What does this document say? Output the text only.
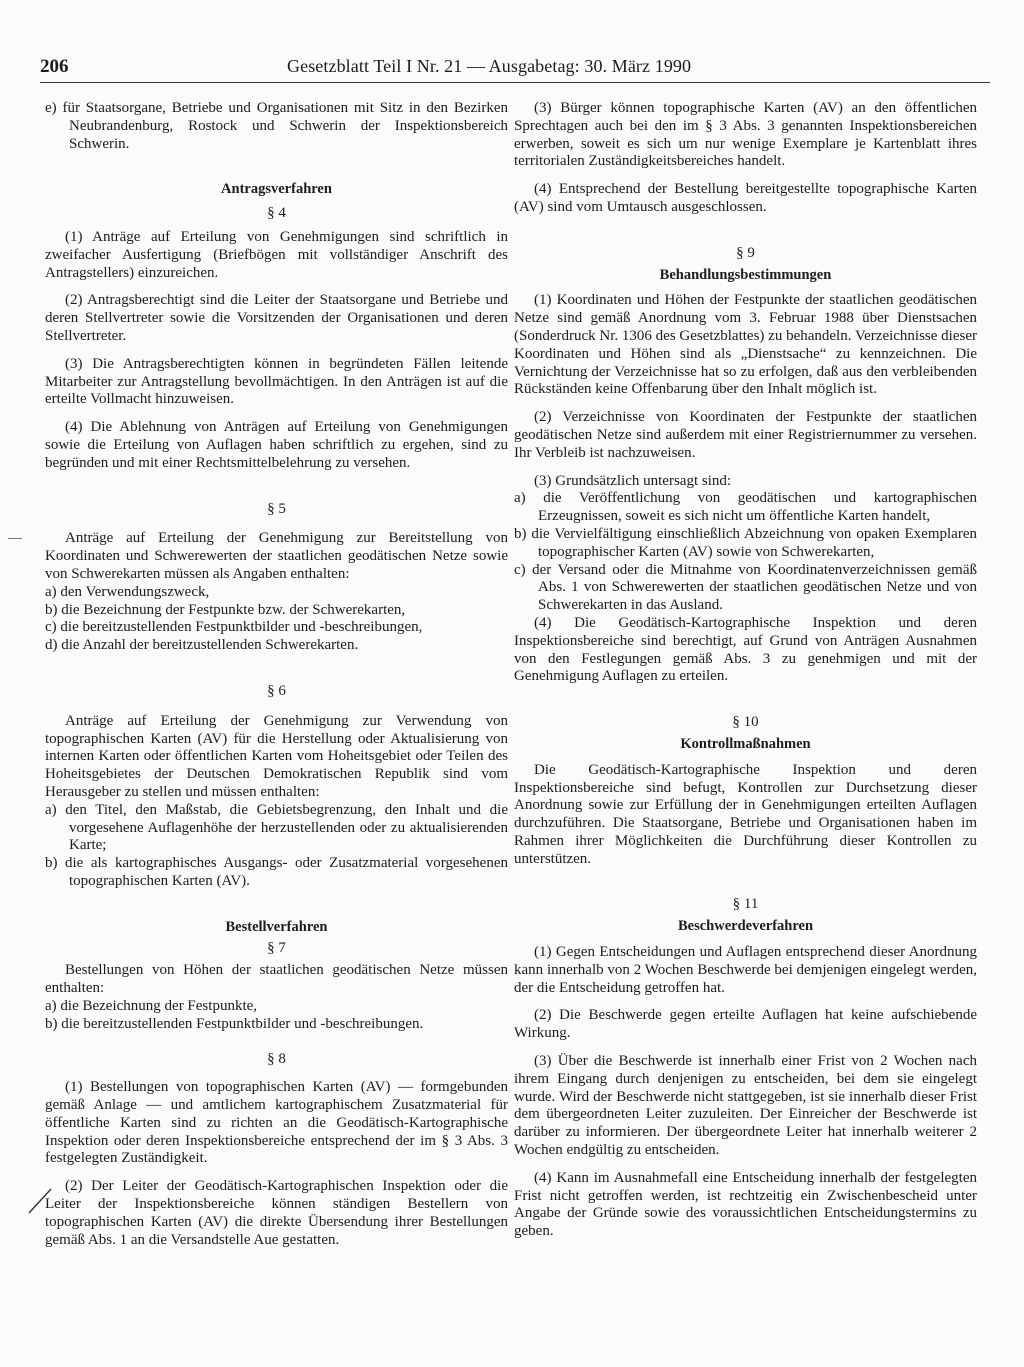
206	Gesetzblatt Teil I Nr. 21 — Ausgabetag: 30. März 1990

e) für Staatsorgane, Betriebe und Organisationen mit Sitz in den Bezirken Neubrandenburg, Rostock und Schwerin der Inspektionsbereich Schwerin.

Antragsverfahren

§ 4

(1) Anträge auf Erteilung von Genehmigungen sind schriftlich in zweifacher Ausfertigung (Briefbögen mit vollständiger Anschrift des Antragstellers) einzureichen.

(2) Antragsberechtigt sind die Leiter der Staatsorgane und Betriebe und deren Stellvertreter sowie die Vorsitzenden der Organisationen und deren Stellvertreter.

(3) Die Antragsberechtigten können in begründeten Fällen leitende Mitarbeiter zur Antragstellung bevollmächtigen. In den Anträgen ist auf die erteilte Vollmacht hinzuweisen.

(4) Die Ablehnung von Anträgen auf Erteilung von Genehmigungen sowie die Erteilung von Auflagen haben schriftlich zu ergehen, sind zu begründen und mit einer Rechtsmittelbelehrung zu versehen.

§ 5

Anträge auf Erteilung der Genehmigung zur Bereitstellung von Koordinaten und Schwerewerten der staatlichen geodätischen Netze sowie von Schwerekarten müssen als Angaben enthalten:

a) den Verwendungszweck,

b) die Bezeichnung der Festpunkte bzw. der Schwerekarten,

c) die bereitzustellenden Festpunktbilder und -beschreibungen,

d) die Anzahl der bereitzustellenden Schwerekarten.

§ 6

Anträge auf Erteilung der Genehmigung zur Verwendung von topographischen Karten (AV) für die Herstellung oder Aktualisierung von internen Karten oder öffentlichen Karten vom Hoheitsgebiet oder Teilen des Hoheitsgebietes der Deutschen Demokratischen Republik sind vom Herausgeber zu stellen und müssen enthalten:

a) den Titel, den Maßstab, die Gebietsbegrenzung, den Inhalt und die vorgesehene Auflagenhöhe der herzustellenden oder zu aktualisierenden Karte;

b) die als kartographisches Ausgangs- oder Zusatzmaterial vorgesehenen topographischen Karten (AV).

Bestellverfahren

§ 7

Bestellungen von Höhen der staatlichen geodätischen Netze müssen enthalten:

a) die Bezeichnung der Festpunkte,

b) die bereitzustellenden Festpunktbilder und -beschreibungen.

§ 8

(1) Bestellungen von topographischen Karten (AV) — formgebunden gemäß Anlage — und amtlichem kartographischem Zusatzmaterial für öffentliche Karten sind zu richten an die Geodätisch-Kartographische Inspektion oder deren Inspektionsbereiche entsprechend der im § 3 Abs. 3 festgelegten Zuständigkeit.

(2) Der Leiter der Geodätisch-Kartographischen Inspektion oder die Leiter der Inspektionsbereiche können ständigen Bestellern von topographischen Karten (AV) die direkte Übersendung ihrer Bestellungen gemäß Abs. 1 an die Versandstelle Aue gestatten.

(3) Bürger können topographische Karten (AV) an den öffentlichen Sprechtagen auch bei den im § 3 Abs. 3 genannten Inspektionsbereichen erwerben, soweit es sich um nur wenige Exemplare je Kartenblatt ihres territorialen Zuständigkeitsbereiches handelt.

(4) Entsprechend der Bestellung bereitgestellte topographische Karten (AV) sind vom Umtausch ausgeschlossen.

§ 9

Behandlungsbestimmungen

(1) Koordinaten und Höhen der Festpunkte der staatlichen geodätischen Netze sind gemäß Anordnung vom 3. Februar 1988 über Dienstsachen (Sonderdruck Nr. 1306 des Gesetzblattes) zu behandeln. Verzeichnisse dieser Koordinaten und Höhen sind als „Dienstsache“ zu kennzeichnen. Die Vernichtung der Verzeichnisse hat so zu erfolgen, daß aus den verbleibenden Rückständen keine Offenbarung über den Inhalt möglich ist.

(2) Verzeichnisse von Koordinaten der Festpunkte der staatlichen geodätischen Netze sind außerdem mit einer Registriernummer zu versehen. Ihr Verbleib ist nachzuweisen.

(3) Grundsätzlich untersagt sind:

a) die Veröffentlichung von geodätischen und kartographischen Erzeugnissen, soweit es sich nicht um öffentliche Karten handelt,

b) die Vervielfältigung einschließlich Abzeichnung von opaken Exemplaren topographischer Karten (AV) sowie von Schwerekarten,

c) der Versand oder die Mitnahme von Koordinatenverzeichnissen gemäß Abs. 1 von Schwerewerten der staatlichen geodätischen Netze und von Schwerekarten in das Ausland.

(4) Die Geodätisch-Kartographische Inspektion und deren Inspektionsbereiche sind berechtigt, auf Grund von Anträgen Ausnahmen von den Festlegungen gemäß Abs. 3 zu genehmigen und mit der Genehmigung Auflagen zu erteilen.

§ 10

Kontrollmaßnahmen

Die Geodätisch-Kartographische Inspektion und deren Inspektionsbereiche sind befugt, Kontrollen zur Durchsetzung dieser Anordnung sowie zur Erfüllung der in Genehmigungen erteilten Auflagen durchzuführen. Die Staatsorgane, Betriebe und Organisationen haben im Rahmen ihrer Möglichkeiten die Durchführung dieser Kontrollen zu unterstützen.

§ 11

Beschwerdeverfahren

(1) Gegen Entscheidungen und Auflagen entsprechend dieser Anordnung kann innerhalb von 2 Wochen Beschwerde bei demjenigen eingelegt werden, der die Entscheidung getroffen hat.

(2) Die Beschwerde gegen erteilte Auflagen hat keine aufschiebende Wirkung.

(3) Über die Beschwerde ist innerhalb einer Frist von 2 Wochen nach ihrem Eingang durch denjenigen zu entscheiden, bei dem sie eingelegt wurde. Wird der Beschwerde nicht stattgegeben, ist sie innerhalb dieser Frist dem übergeordneten Leiter zuzuleiten. Der Einreicher der Beschwerde ist darüber zu informieren. Der übergeordnete Leiter hat innerhalb weiterer 2 Wochen endgültig zu entscheiden.

(4) Kann im Ausnahmefall eine Entscheidung innerhalb der festgelegten Frist nicht getroffen werden, ist rechtzeitig ein Zwischenbescheid unter Angabe der Gründe sowie des voraussichtlichen Entscheidungstermins zu geben.
